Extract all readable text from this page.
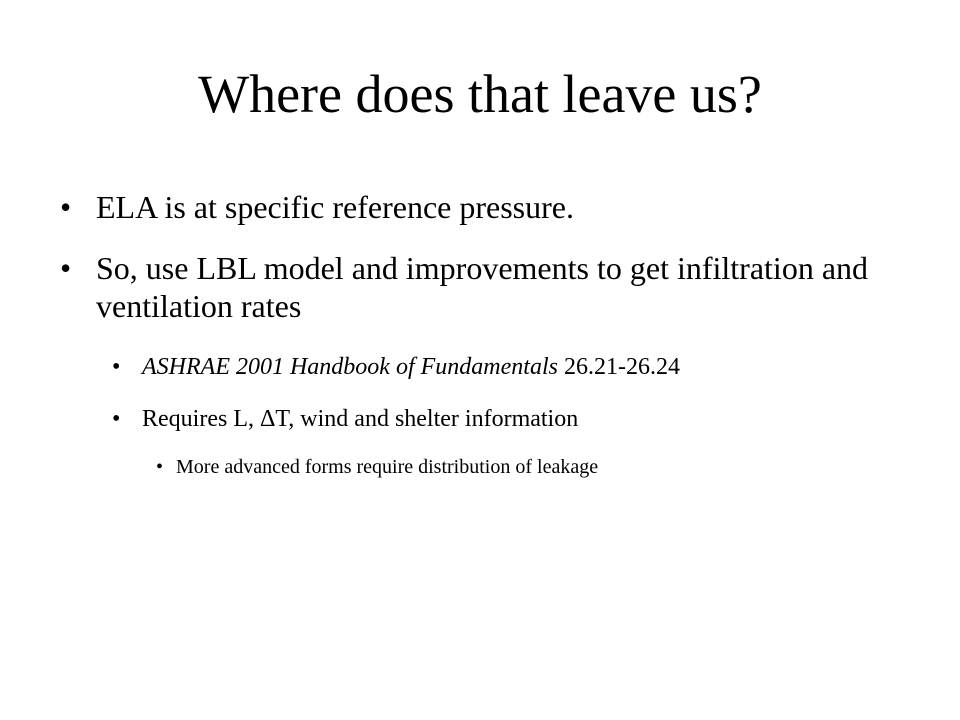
Where does that leave us?

• ELA is at specific reference pressure.

• So, use LBL model and improvements to get infiltration and ventilation rates

• ASHRAE 2001 Handbook of Fundamentals 26.21-26.24

• Requires L, ΔT, wind and shelter information

• More advanced forms require distribution of leakage
